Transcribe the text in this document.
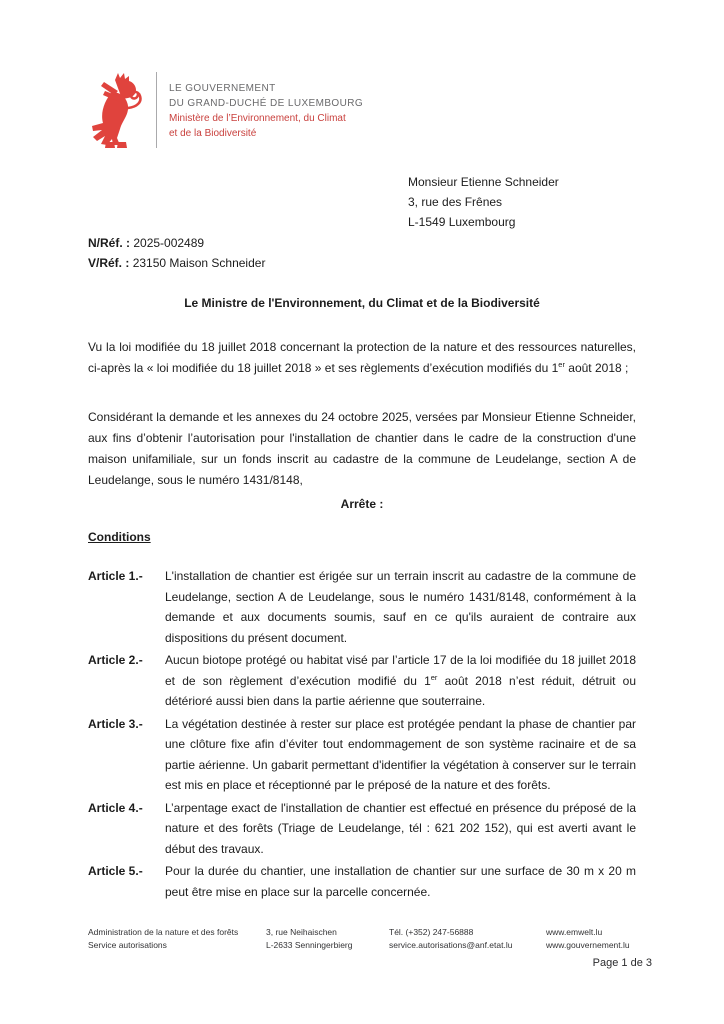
LE GOUVERNEMENT
DU GRAND-DUCHÉ DE LUXEMBOURG
Ministère de l’Environnement, du Climat
et de la Biodiversité
Monsieur Etienne Schneider
3, rue des Frênes
L-1549 Luxembourg
N/Réf. : 2025-002489
V/Réf. : 23150 Maison Schneider
Le Ministre de l'Environnement, du Climat et de la Biodiversité

Vu la loi modifiée du 18 juillet 2018 concernant la protection de la nature et des ressources naturelles, ci-après la « loi modifiée du 18 juillet 2018 » et ses règlements d’exécution modifiés du 1er août 2018 ;

Considérant la demande et les annexes du 24 octobre 2025, versées par Monsieur Etienne Schneider, aux fins d’obtenir l’autorisation pour l'installation de chantier dans le cadre de la construction d'une maison unifamiliale, sur un fonds inscrit au cadastre de la commune de Leudelange, section A de Leudelange, sous le numéro 1431/8148,

Arrête :
Conditions
Article 1.-	L'installation de chantier est érigée sur un terrain inscrit au cadastre de la commune de Leudelange, section A de Leudelange, sous le numéro 1431/8148, conformément à la demande et aux documents soumis, sauf en ce qu'ils auraient de contraire aux dispositions du présent document.
Article 2.-	Aucun biotope protégé ou habitat visé par l’article 17 de la loi modifiée du 18 juillet 2018 et de son règlement d’exécution modifié du 1er août 2018 n’est réduit, détruit ou détérioré aussi bien dans la partie aérienne que souterraine.
Article 3.-	La végétation destinée à rester sur place est protégée pendant la phase de chantier par une clôture fixe afin d’éviter tout endommagement de son système racinaire et de sa partie aérienne. Un gabarit permettant d'identifier la végétation à conserver sur le terrain est mis en place et réceptionné par le préposé de la nature et des forêts.
Article 4.-	L’arpentage exact de l'installation de chantier est effectué en présence du préposé de la nature et des forêts (Triage de Leudelange, tél : 621 202 152), qui est averti avant le début des travaux.
Article 5.-	Pour la durée du chantier, une installation de chantier sur une surface de 30 m x 20 m peut être mise en place sur la parcelle concernée.
Administration de la nature et des forêts
Service autorisations
3, rue Neihaischen
L-2633 Senningerbierg
Tél. (+352) 247-56888
service.autorisations@anf.etat.lu
www.emwelt.lu
www.gouvernement.lu
Page 1 de 3
